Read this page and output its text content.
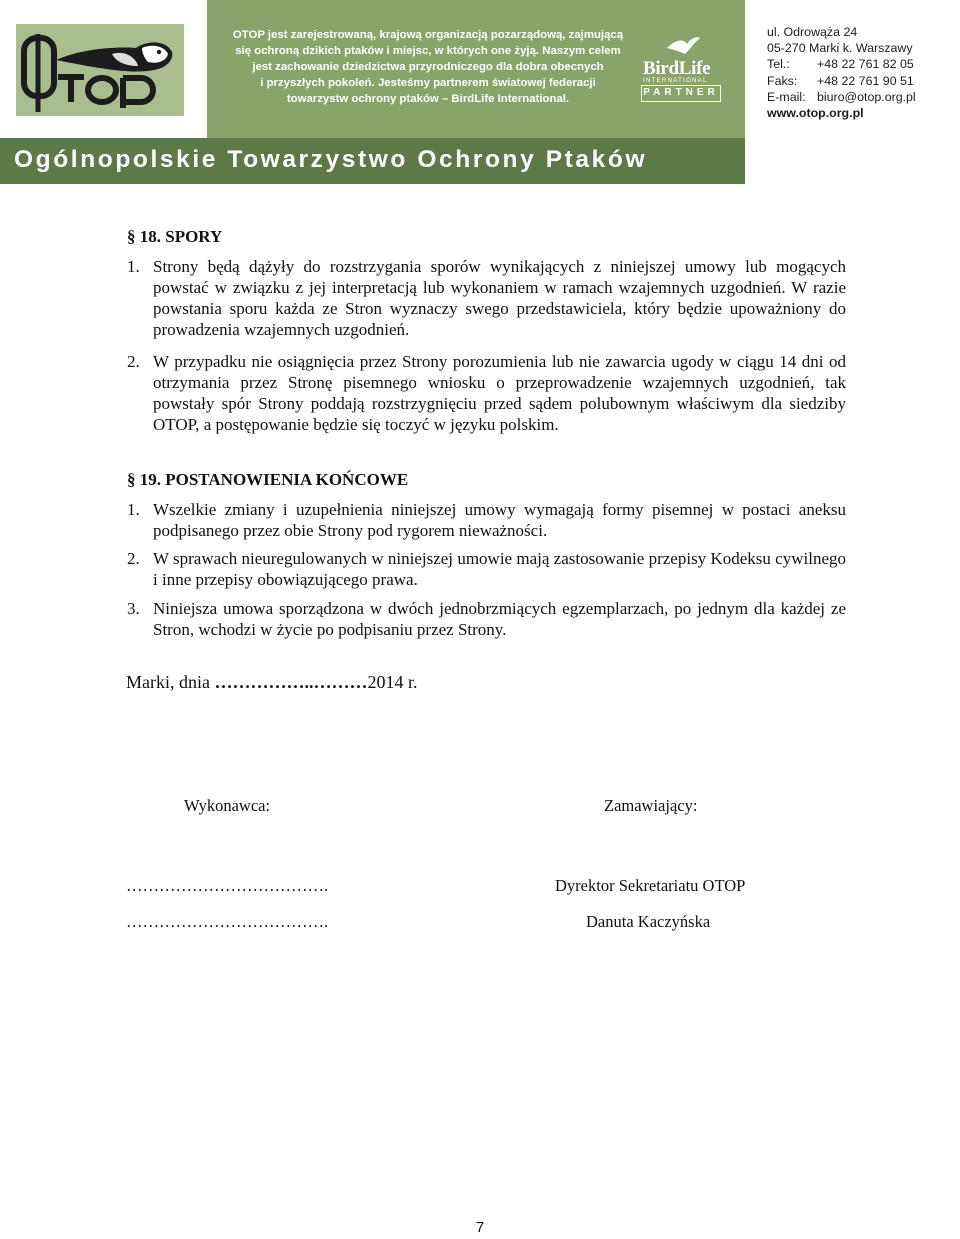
OTOP jest zarejestrowaną, krajową organizacją pozarządową, zajmującą
się ochroną dzikich ptaków i miejsc, w których one żyją. Naszym celem
jest zachowanie dziedzictwa przyrodniczego dla dobra obecnych
i przyszłych pokoleń. Jesteśmy partnerem światowej federacji
towarzystw ochrony ptaków – BirdLife International.
BirdLife
INTERNATIONAL
PARTNER
ul. Odrowąża 24
05-270 Marki k. Warszawy
Tel.: +48 22 761 82 05
Faks: +48 22 761 90 51
E-mail: biuro@otop.org.pl
www.otop.org.pl
Ogólnopolskie Towarzystwo Ochrony Ptaków
§ 18. SPORY
1. Strony będą dążyły do rozstrzygania sporów wynikających z niniejszej umowy lub mogących powstać w związku z jej interpretacją lub wykonaniem w ramach wzajemnych uzgodnień. W razie powstania sporu każda ze Stron wyznaczy swego przedstawiciela, który będzie upoważniony do prowadzenia wzajemnych uzgodnień.
2. W przypadku nie osiągnięcia przez Strony porozumienia lub nie zawarcia ugody w ciągu 14 dni od otrzymania przez Stronę pisemnego wniosku o przeprowadzenie wzajemnych uzgodnień, tak powstały spór Strony poddają rozstrzygnięciu przed sądem polubownym właściwym dla siedziby OTOP, a postępowanie będzie się toczyć w języku polskim.
§ 19. POSTANOWIENIA KOŃCOWE
1. Wszelkie zmiany i uzupełnienia niniejszej umowy wymagają formy pisemnej w postaci aneksu podpisanego przez obie Strony pod rygorem nieważności.
2. W sprawach nieuregulowanych w niniejszej umowie mają zastosowanie przepisy Kodeksu cywilnego i inne przepisy obowiązującego prawa.
3. Niniejsza umowa sporządzona w dwóch jednobrzmiących egzemplarzach, po jednym dla każdej ze Stron, wchodzi w życie po podpisaniu przez Strony.
Marki, dnia ……………..………2014 r.
Wykonawca:	Zamawiający:
……………………………….	Dyrektor Sekretariatu OTOP
……………………………….	Danuta Kaczyńska
7
